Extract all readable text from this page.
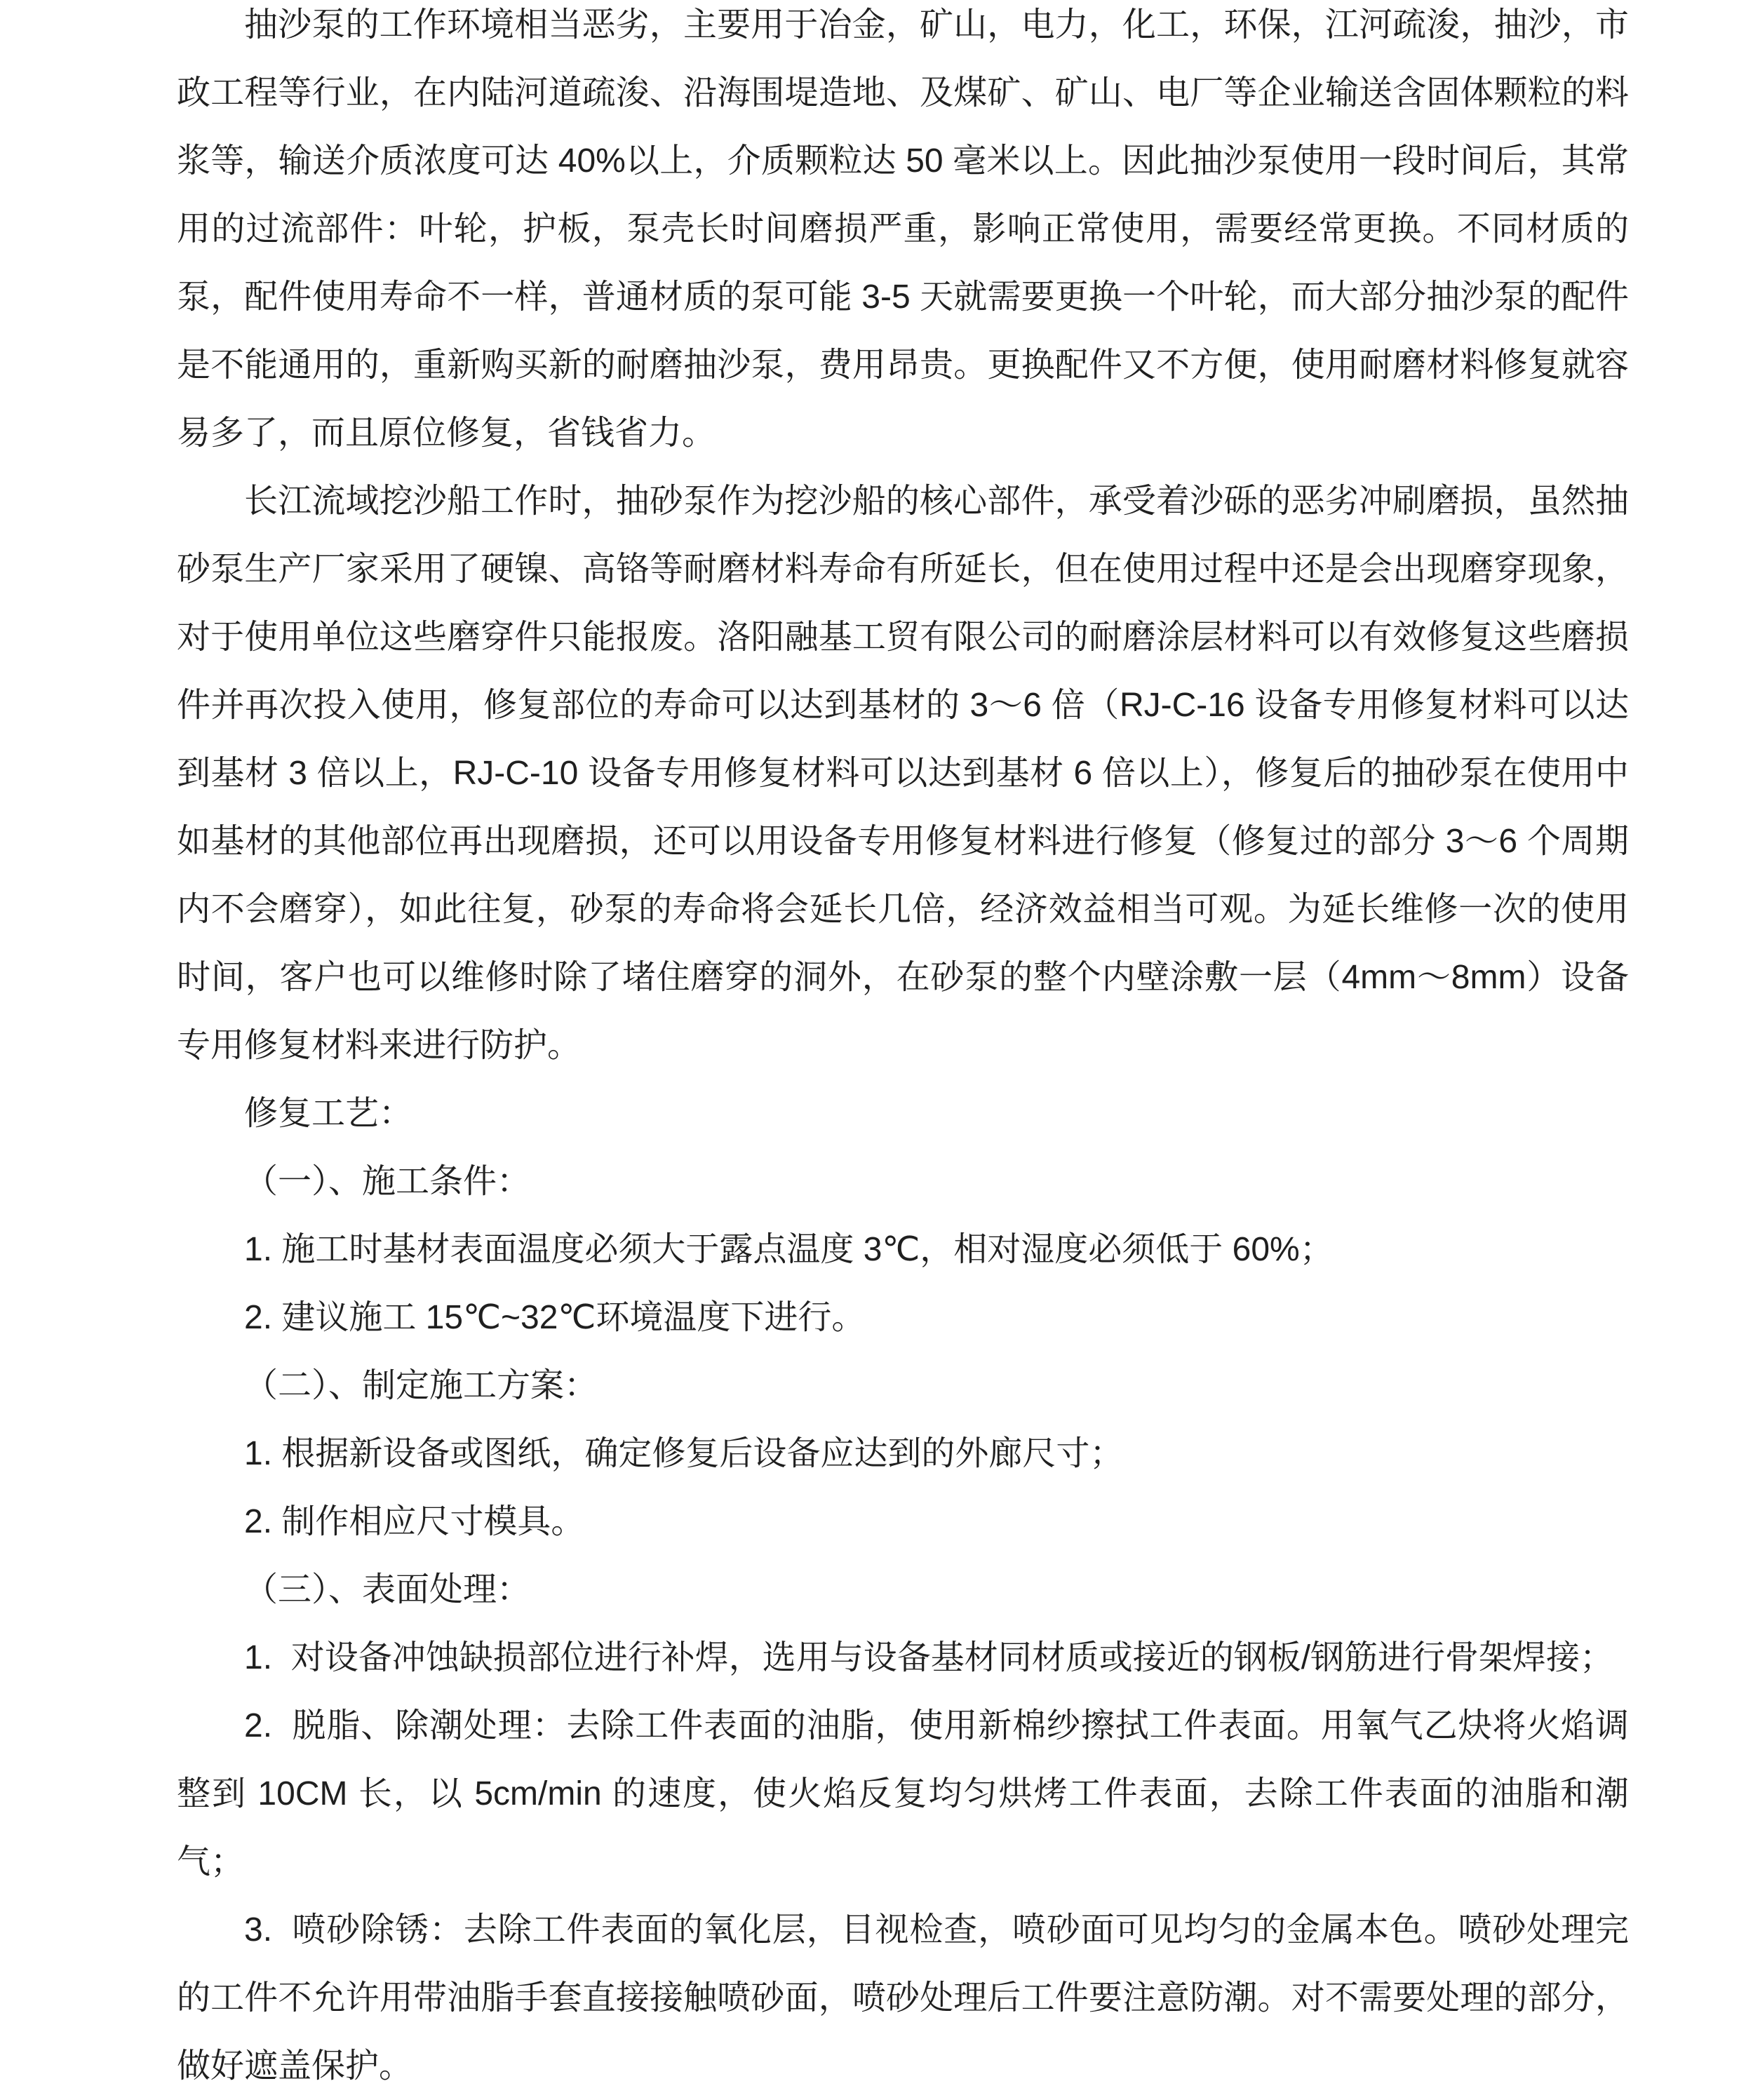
抽沙泵的工作环境相当恶劣，主要用于冶金，矿山，电力，化工，环保，江河疏浚，抽沙，市政工程等行业，在内陆河道疏浚、沿海围堤造地、及煤矿、矿山、电厂等企业输送含固体颗粒的料浆等，输送介质浓度可达 40%以上，介质颗粒达 50 毫米以上。因此抽沙泵使用一段时间后，其常用的过流部件：叶轮，护板，泵壳长时间磨损严重，影响正常使用，需要经常更换。不同材质的泵，配件使用寿命不一样，普通材质的泵可能 3-5 天就需要更换一个叶轮，而大部分抽沙泵的配件是不能通用的，重新购买新的耐磨抽沙泵，费用昂贵。更换配件又不方便，使用耐磨材料修复就容易多了，而且原位修复，省钱省力。

长江流域挖沙船工作时，抽砂泵作为挖沙船的核心部件，承受着沙砾的恶劣冲刷磨损，虽然抽砂泵生产厂家采用了硬镍、高铬等耐磨材料寿命有所延长，但在使用过程中还是会出现磨穿现象，对于使用单位这些磨穿件只能报废。洛阳融基工贸有限公司的耐磨涂层材料可以有效修复这些磨损件并再次投入使用，修复部位的寿命可以达到基材的 3～6 倍（RJ-C-16 设备专用修复材料可以达到基材 3 倍以上，RJ-C-10 设备专用修复材料可以达到基材 6 倍以上），修复后的抽砂泵在使用中如基材的其他部位再出现磨损，还可以用设备专用修复材料进行修复（修复过的部分 3～6 个周期内不会磨穿），如此往复，砂泵的寿命将会延长几倍，经济效益相当可观。为延长维修一次的使用时间，客户也可以维修时除了堵住磨穿的洞外，在砂泵的整个内壁涂敷一层（4mm～8mm）设备专用修复材料来进行防护。

修复工艺：

（一）、施工条件：

1. 施工时基材表面温度必须大于露点温度 3℃，相对湿度必须低于 60%；

2. 建议施工 15℃~32℃环境温度下进行。

（二）、制定施工方案：

1. 根据新设备或图纸，确定修复后设备应达到的外廊尺寸；

2. 制作相应尺寸模具。

（三）、表面处理：

1.  对设备冲蚀缺损部位进行补焊，选用与设备基材同材质或接近的钢板/钢筋进行骨架焊接；

2.  脱脂、除潮处理：去除工件表面的油脂，使用新棉纱擦拭工件表面。用氧气乙炔将火焰调整到 10CM 长，以 5cm/min 的速度，使火焰反复均匀烘烤工件表面，去除工件表面的油脂和潮气；

3.  喷砂除锈：去除工件表面的氧化层，目视检查，喷砂面可见均匀的金属本色。喷砂处理完的工件不允许用带油脂手套直接接触喷砂面，喷砂处理后工件要注意防潮。对不需要处理的部分，做好遮盖保护。
